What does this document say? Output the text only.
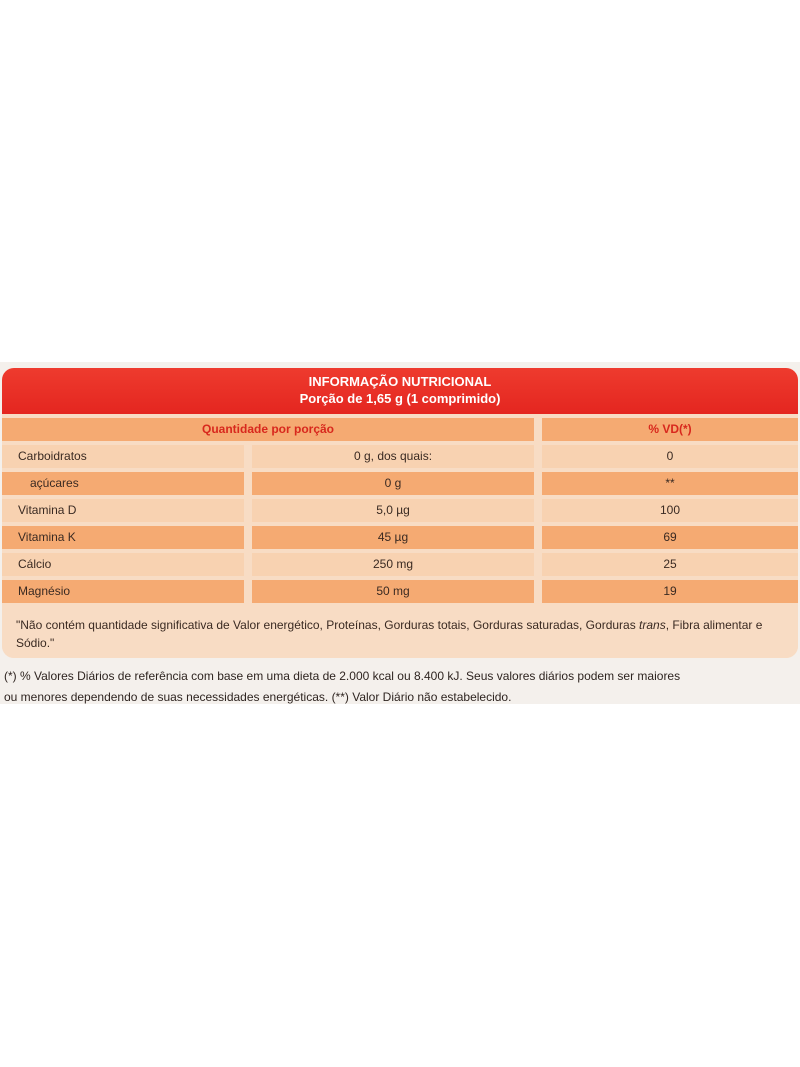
INFORMAÇÃO NUTRICIONAL
Porção de 1,65 g (1 comprimido)
Quantidade por porção	% VD(*)
Carboidratos	0 g, dos quais:	0
açúcares	0 g	**
Vitamina D	5,0 µg	100
Vitamina K	45 µg	69
Cálcio	250 mg	25
Magnésio	50 mg	19
"Não contém quantidade significativa de Valor energético, Proteínas, Gorduras totais, Gorduras saturadas, Gorduras trans, Fibra alimentar e Sódio."
(*) % Valores Diários de referência com base em uma dieta de 2.000 kcal ou 8.400 kJ. Seus valores diários podem ser maiores
ou menores dependendo de suas necessidades energéticas. (**) Valor Diário não estabelecido.
